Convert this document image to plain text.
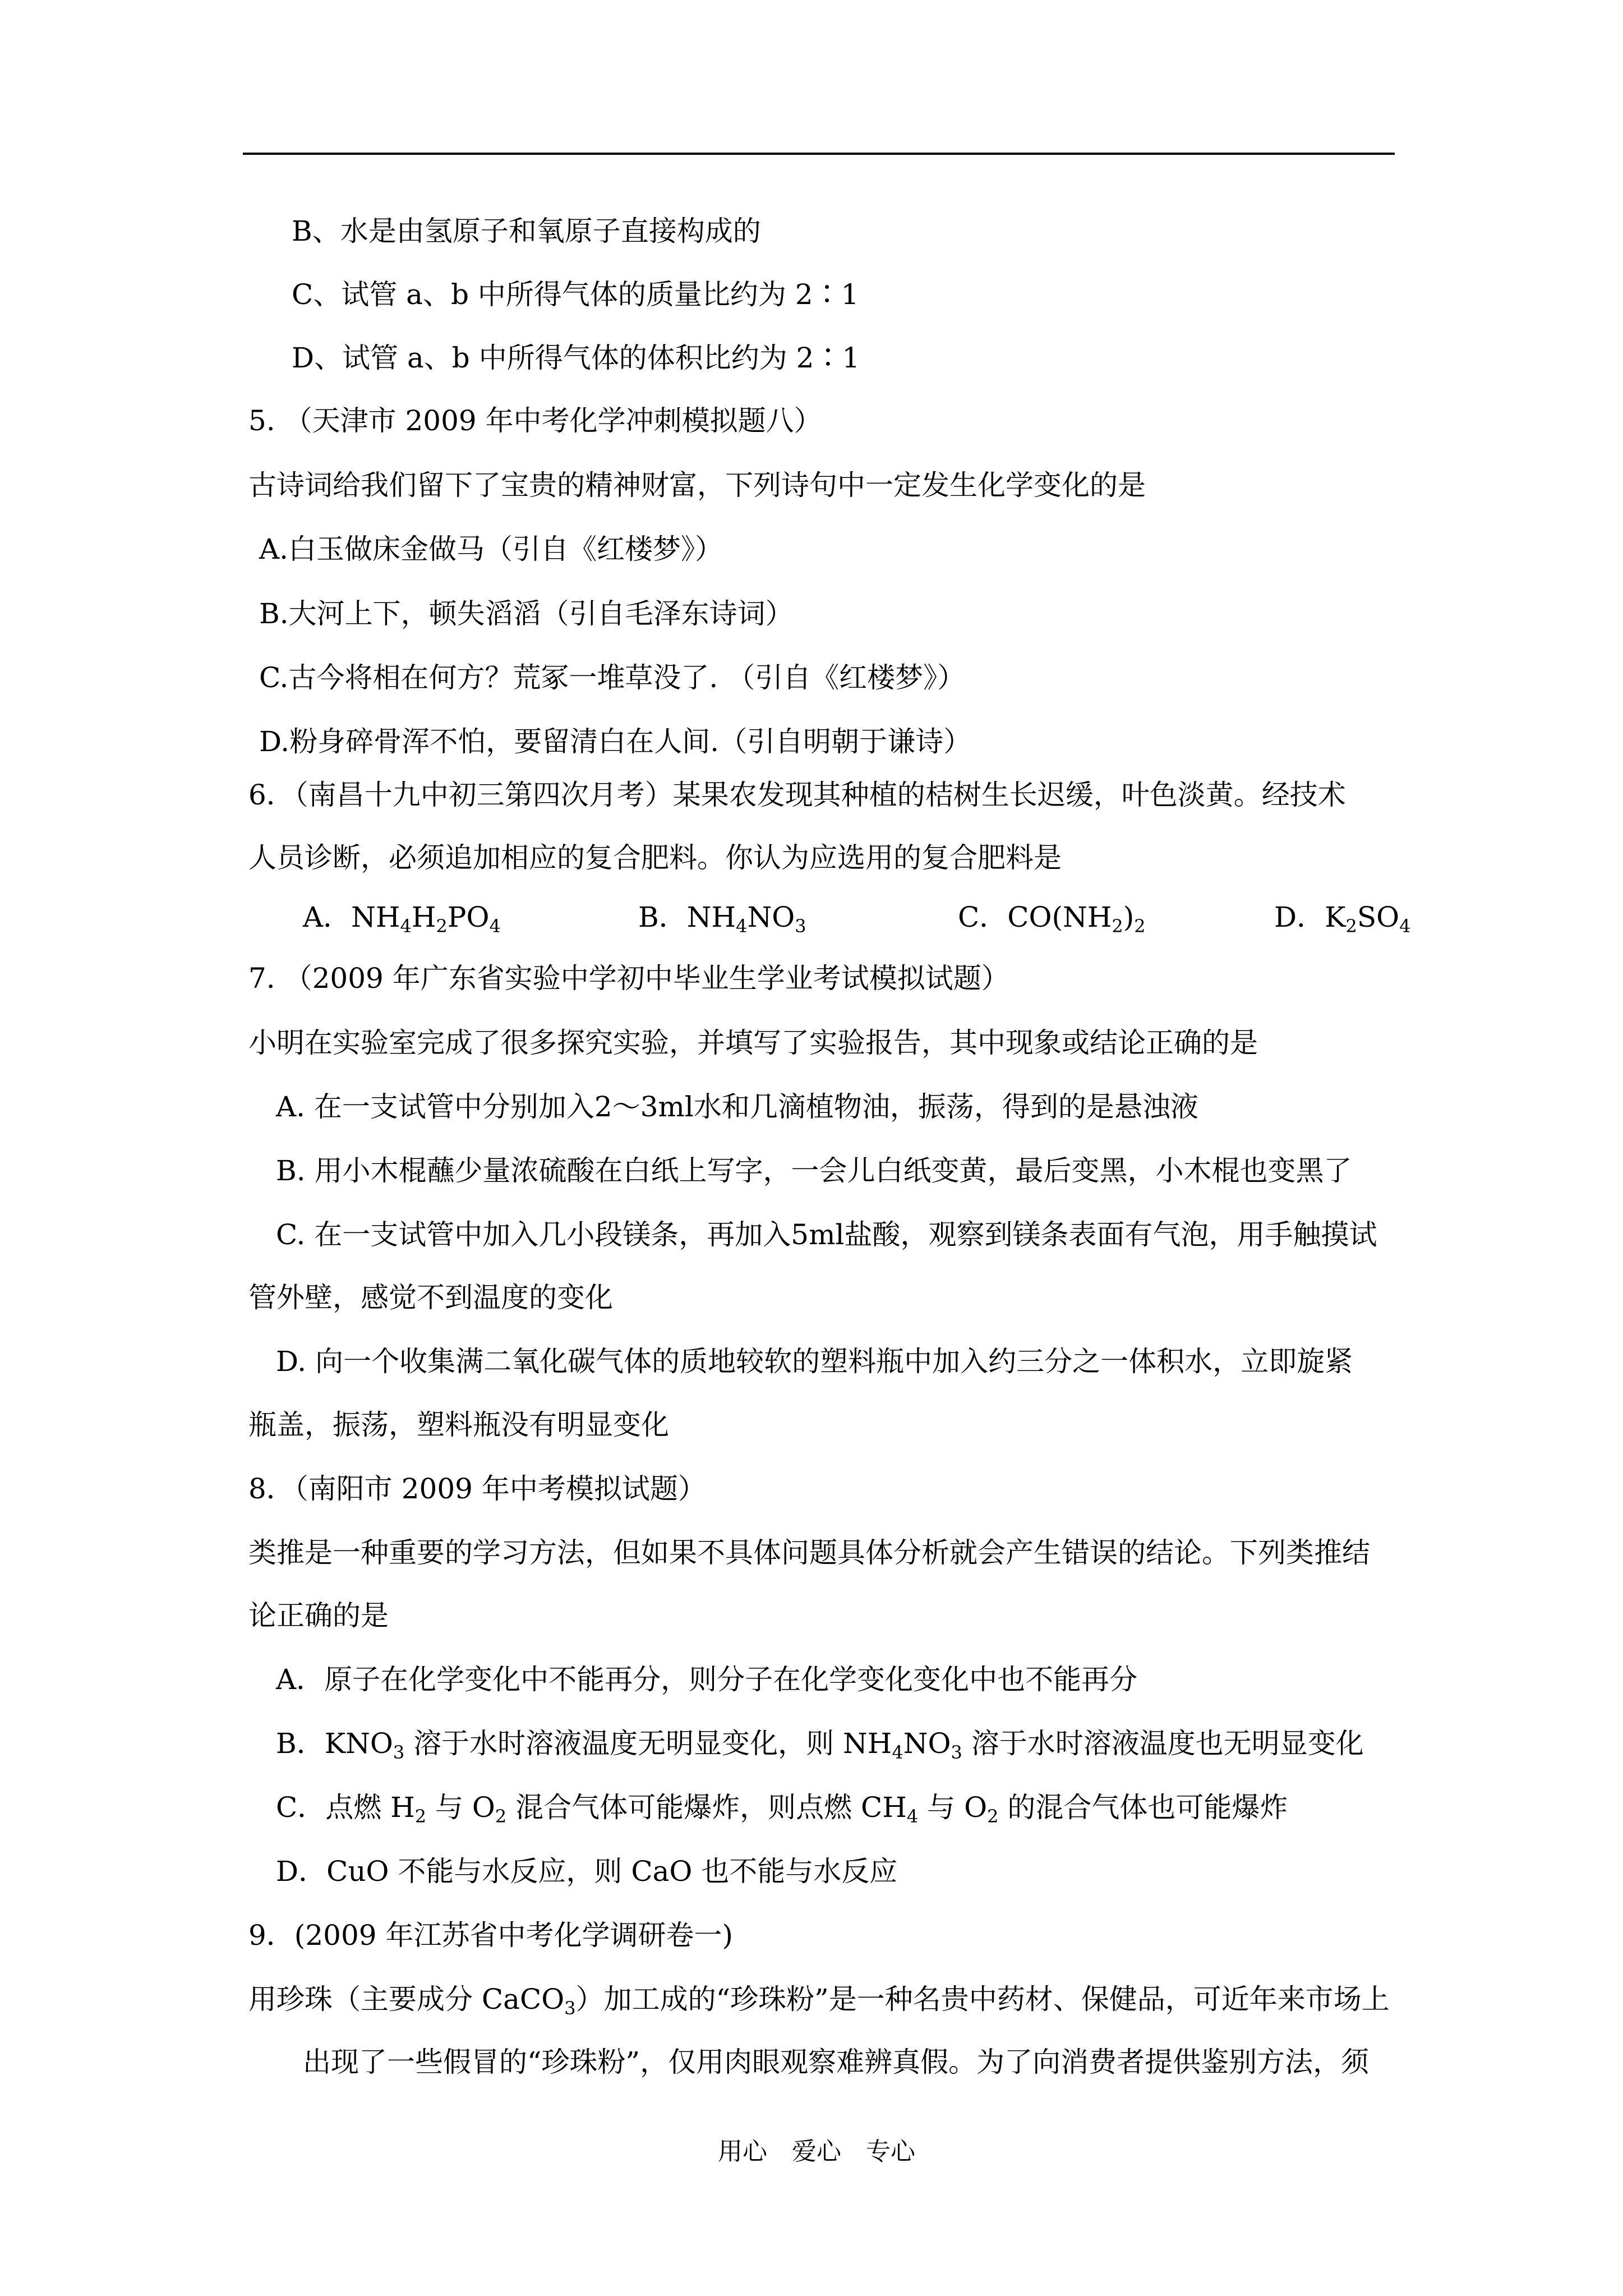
B、水是由氢原子和氧原子直接构成的
C、试管 a、b 中所得气体的质量比约为 2∶1
D、试管 a、b 中所得气体的体积比约为 2∶1
5. （天津市 2009 年中考化学冲刺模拟题八）
古诗词给我们留下了宝贵的精神财富，下列诗句中一定发生化学变化的是
A.白玉做床金做马（引自《红楼梦》）
B.大河上下，顿失滔滔（引自毛泽东诗词）
C.古今将相在何方？荒冢一堆草没了. （引自《红楼梦》）
D.粉身碎骨浑不怕，要留清白在人间.（引自明朝于谦诗）
6．（南昌十九中初三第四次月考）某果农发现其种植的桔树生长迟缓，叶色淡黄。经技术
人员诊断，必须追加相应的复合肥料。你认为应选用的复合肥料是
A．$NH_4H_2PO_4$	B．$NH_4NO_3$	C．$CO(NH_2)_2$	D．$K_2SO_4$
7. （2009 年广东省实验中学初中毕业生学业考试模拟试题）
小明在实验室完成了很多探究实验，并填写了实验报告，其中现象或结论正确的是
A. 在一支试管中分别加入2～3ml水和几滴植物油，振荡，得到的是悬浊液
B. 用小木棍蘸少量浓硫酸在白纸上写字，一会儿白纸变黄，最后变黑，小木棍也变黑了
C. 在一支试管中加入几小段镁条，再加入5ml盐酸，观察到镁条表面有气泡，用手触摸试
管外壁，感觉不到温度的变化
D. 向一个收集满二氧化碳气体的质地较软的塑料瓶中加入约三分之一体积水，立即旋紧
瓶盖，振荡，塑料瓶没有明显变化
8．（南阳市 2009 年中考模拟试题）
类推是一种重要的学习方法，但如果不具体问题具体分析就会产生错误的结论。下列类推结
论正确的是
A．原子在化学变化中不能再分，则分子在化学变化变化中也不能再分
B．$KNO_3$ 溶于水时溶液温度无明显变化，则 $NH_4NO_3$ 溶于水时溶液温度也无明显变化
C．点燃 $H_2$ 与 $O_2$ 混合气体可能爆炸，则点燃 $CH_4$ 与 $O_2$ 的混合气体也可能爆炸
D．CuO 不能与水反应，则 CaO 也不能与水反应
9．(2009 年江苏省中考化学调研卷一)
用珍珠（主要成分 CaCO$_3$）加工成的“珍珠粉”是一种名贵中药材、保健品，可近年来市场上
出现了一些假冒的“珍珠粉”，仅用肉眼观察难辨真假。为了向消费者提供鉴别方法，须
用心　爱心　专心
